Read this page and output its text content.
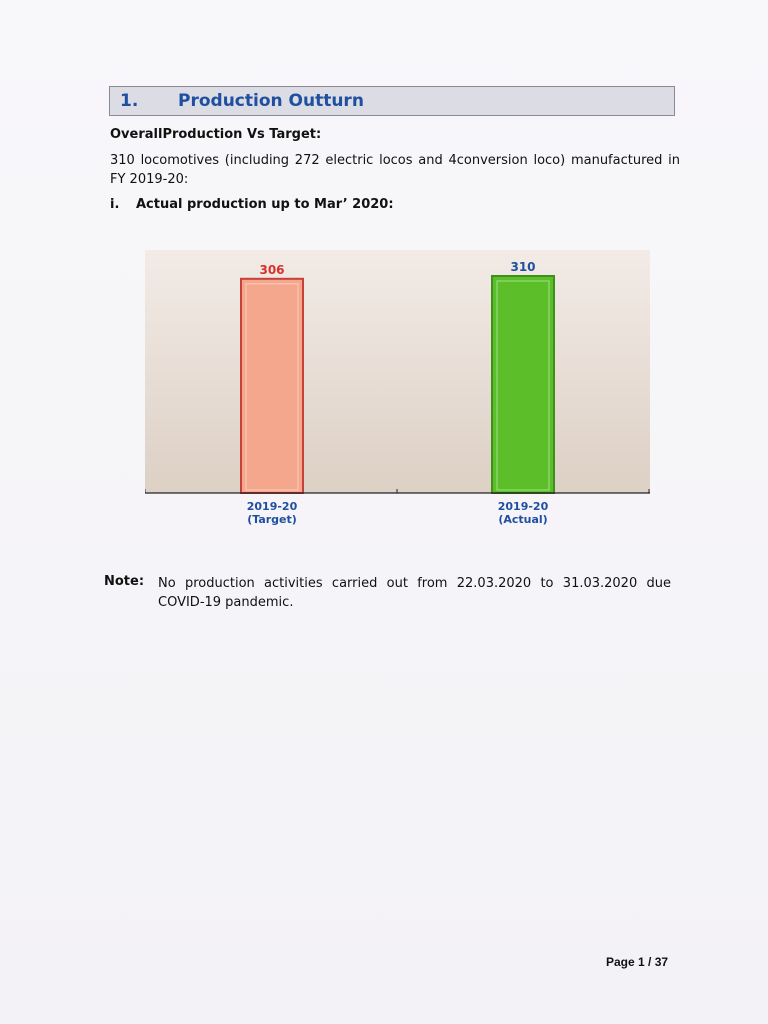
1.	Production Outturn
OverallProduction Vs Target:
310 locomotives (including 272 electric locos and 4conversion loco) manufactured in FY 2019-20:
i. Actual production up to Mar’ 2020:
306	310
2019-20
(Target)
2019-20
(Actual)
Note: No production activities carried out from 22.03.2020 to 31.03.2020 due COVID-19 pandemic.
Page 1 / 37
